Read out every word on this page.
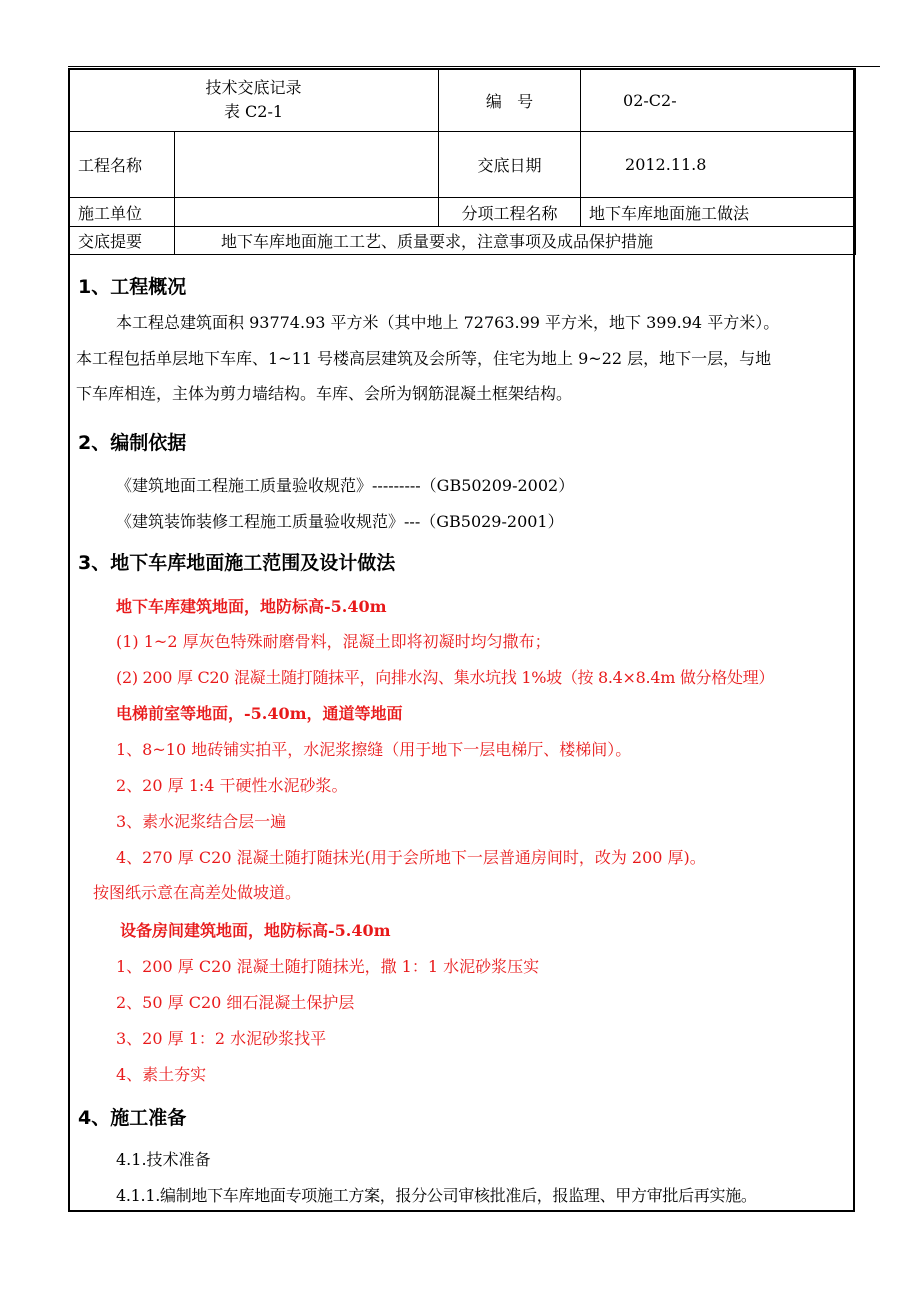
技术交底记录
表 C2-1		编   号	02-C2-
工程名称		交底日期	2012.11.8
施工单位		分项工程名称	地下车库地面施工做法
交底提要	地下车库地面施工工艺、质量要求，注意事项及成品保护措施		
1、工程概况
本工程总建筑面积 93774.93 平方米（其中地上 72763.99 平方米，地下 399.94 平方米）。
本工程包括单层地下车库、1~11 号楼高层建筑及会所等，住宅为地上 9~22 层，地下一层，与地
下车库相连，主体为剪力墙结构。车库、会所为钢筋混凝土框架结构。
2、编制依据
《建筑地面工程施工质量验收规范》---------（GB50209-2002）
《建筑装饰装修工程施工质量验收规范》---（GB5029-2001）
3、地下车库地面施工范围及设计做法
地下车库建筑地面，地防标高-5.40m
(1) 1~2 厚灰色特殊耐磨骨料，混凝土即将初凝时均匀撒布；
(2) 200 厚 C20 混凝土随打随抹平，向排水沟、集水坑找 1%坡（按 8.4×8.4m 做分格处理）
电梯前室等地面，-5.40m，通道等地面
1、8~10 地砖铺实拍平，水泥浆擦缝（用于地下一层电梯厅、楼梯间）。
2、20 厚 1:4 干硬性水泥砂浆。
3、素水泥浆结合层一遍
4、270 厚 C20 混凝土随打随抹光(用于会所地下一层普通房间时，改为 200 厚)。
按图纸示意在高差处做坡道。
设备房间建筑地面，地防标高-5.40m
1、200 厚 C20 混凝土随打随抹光，撒 1：1 水泥砂浆压实
2、50 厚 C20 细石混凝土保护层
3、20 厚 1：2 水泥砂浆找平
4、素土夯实
4、施工准备
4.1.技术准备
4.1.1.编制地下车库地面专项施工方案，报分公司审核批准后，报监理、甲方审批后再实施。
